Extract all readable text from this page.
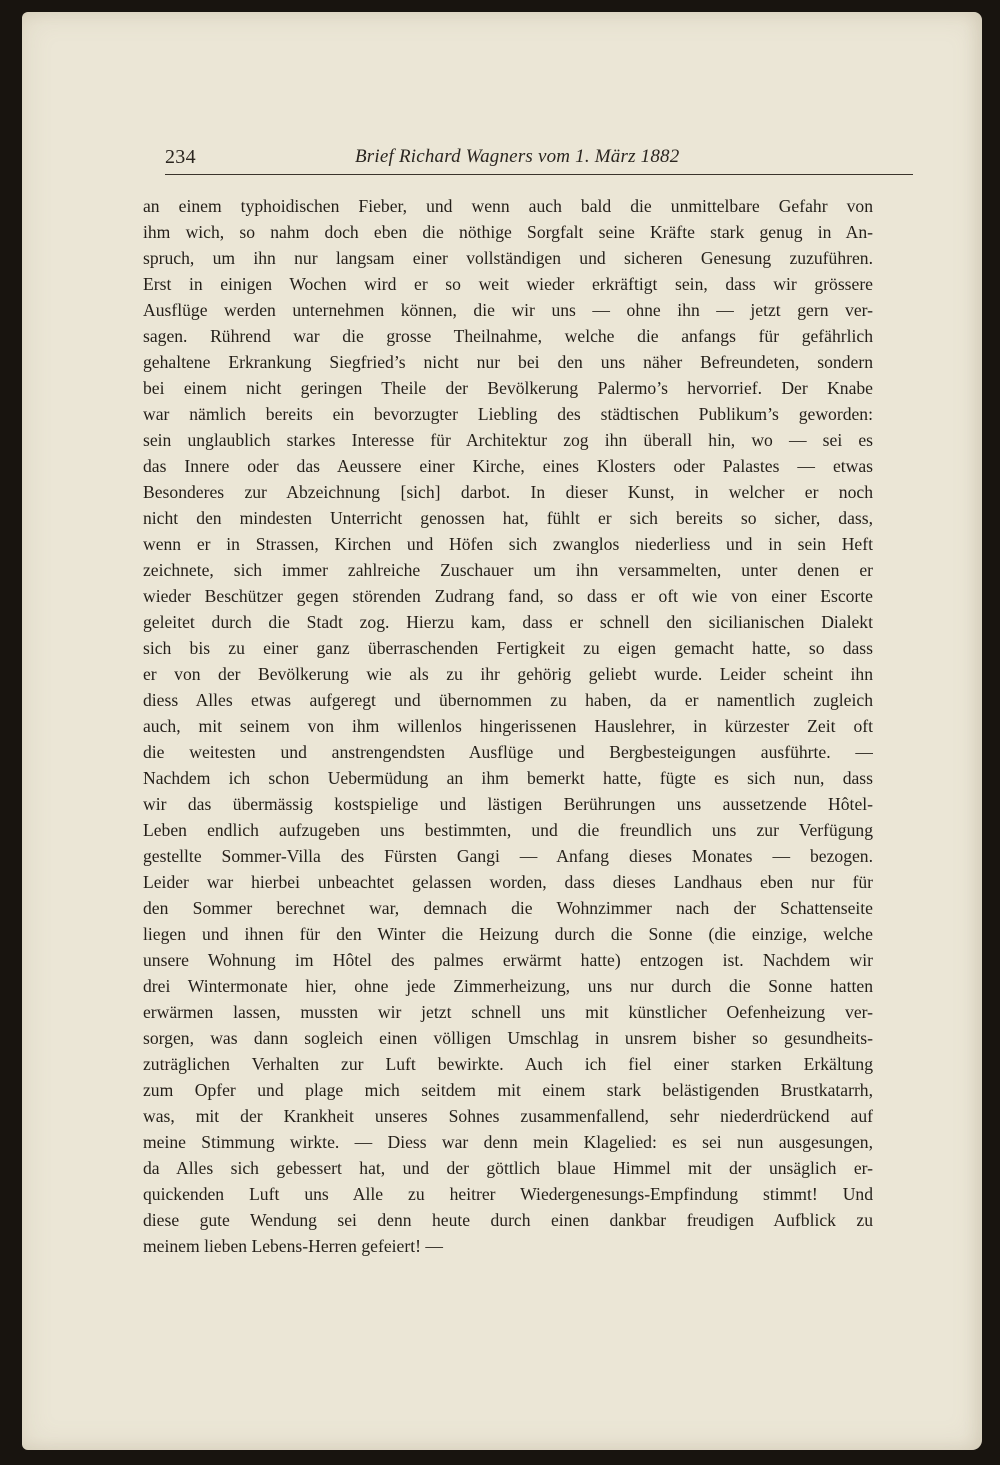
234	Brief Richard Wagners vom 1. März 1882
an einem typhoidischen Fieber, und wenn auch bald die unmittelbare Gefahr von
ihm wich, so nahm doch eben die nöthige Sorgfalt seine Kräfte stark genug in An-
spruch, um ihn nur langsam einer vollständigen und sicheren Genesung zuzuführen.
Erst in einigen Wochen wird er so weit wieder erkräftigt sein, dass wir grössere
Ausflüge werden unternehmen können, die wir uns — ohne ihn — jetzt gern ver-
sagen. Rührend war die grosse Theilnahme, welche die anfangs für gefährlich
gehaltene Erkrankung Siegfried’s nicht nur bei den uns näher Befreundeten, sondern
bei einem nicht geringen Theile der Bevölkerung Palermo’s hervorrief. Der Knabe
war nämlich bereits ein bevorzugter Liebling des städtischen Publikum’s geworden:
sein unglaublich starkes Interesse für Architektur zog ihn überall hin, wo — sei es
das Innere oder das Aeussere einer Kirche, eines Klosters oder Palastes — etwas
Besonderes zur Abzeichnung [sich] darbot. In dieser Kunst, in welcher er noch
nicht den mindesten Unterricht genossen hat, fühlt er sich bereits so sicher, dass,
wenn er in Strassen, Kirchen und Höfen sich zwanglos niederliess und in sein Heft
zeichnete, sich immer zahlreiche Zuschauer um ihn versammelten, unter denen er
wieder Beschützer gegen störenden Zudrang fand, so dass er oft wie von einer Escorte
geleitet durch die Stadt zog. Hierzu kam, dass er schnell den sicilianischen Dialekt
sich bis zu einer ganz überraschenden Fertigkeit zu eigen gemacht hatte, so dass
er von der Bevölkerung wie als zu ihr gehörig geliebt wurde. Leider scheint ihn
diess Alles etwas aufgeregt und übernommen zu haben, da er namentlich zugleich
auch, mit seinem von ihm willenlos hingerissenen Hauslehrer, in kürzester Zeit oft
die weitesten und anstrengendsten Ausflüge und Bergbesteigungen ausführte. —
Nachdem ich schon Uebermüdung an ihm bemerkt hatte, fügte es sich nun, dass
wir das übermässig kostspielige und lästigen Berührungen uns aussetzende Hôtel-
Leben endlich aufzugeben uns bestimmten, und die freundlich uns zur Verfügung
gestellte Sommer-Villa des Fürsten Gangi — Anfang dieses Monates — bezogen.
Leider war hierbei unbeachtet gelassen worden, dass dieses Landhaus eben nur für
den Sommer berechnet war, demnach die Wohnzimmer nach der Schattenseite
liegen und ihnen für den Winter die Heizung durch die Sonne (die einzige, welche
unsere Wohnung im Hôtel des palmes erwärmt hatte) entzogen ist. Nachdem wir
drei Wintermonate hier, ohne jede Zimmerheizung, uns nur durch die Sonne hatten
erwärmen lassen, mussten wir jetzt schnell uns mit künstlicher Oefenheizung ver-
sorgen, was dann sogleich einen völligen Umschlag in unsrem bisher so gesundheits-
zuträglichen Verhalten zur Luft bewirkte. Auch ich fiel einer starken Erkältung
zum Opfer und plage mich seitdem mit einem stark belästigenden Brustkatarrh,
was, mit der Krankheit unseres Sohnes zusammenfallend, sehr niederdrückend auf
meine Stimmung wirkte. — Diess war denn mein Klagelied: es sei nun ausgesungen,
da Alles sich gebessert hat, und der göttlich blaue Himmel mit der unsäglich er-
quickenden Luft uns Alle zu heitrer Wiedergenesungs-Empfindung stimmt! Und
diese gute Wendung sei denn heute durch einen dankbar freudigen Aufblick zu
meinem lieben Lebens-Herren gefeiert! —
